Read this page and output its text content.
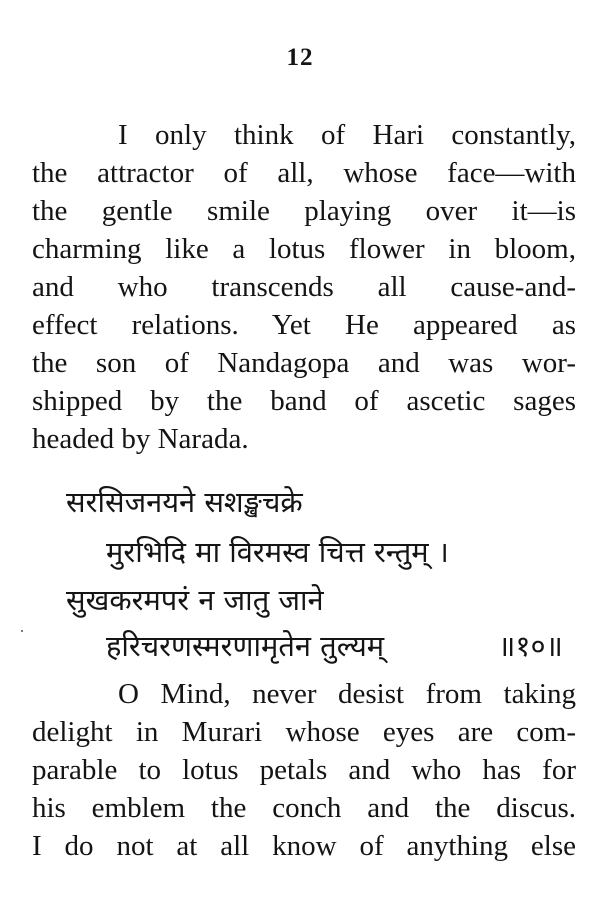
12
I only think of Hari constantly,
the attractor of all, whose face—with
the gentle smile playing over it—is
charming like a lotus flower in bloom,
and who transcends all cause-and-
effect relations. Yet He appeared as
the son of Nandagopa and was wor-
shipped by the band of ascetic sages
headed by Narada.
सरसिजनयने सशङ्खचक्रे
मुरभिदि मा विरमस्व चित्त रन्तुम् ।
सुखकरमपरं न जातु जाने
हरिचरणस्मरणामृतेन तुल्यम्	॥१०॥
O Mind, never desist from taking
delight in Murari whose eyes are com-
parable to lotus petals and who has for
his emblem the conch and the discus.
I do not at all know of anything else
